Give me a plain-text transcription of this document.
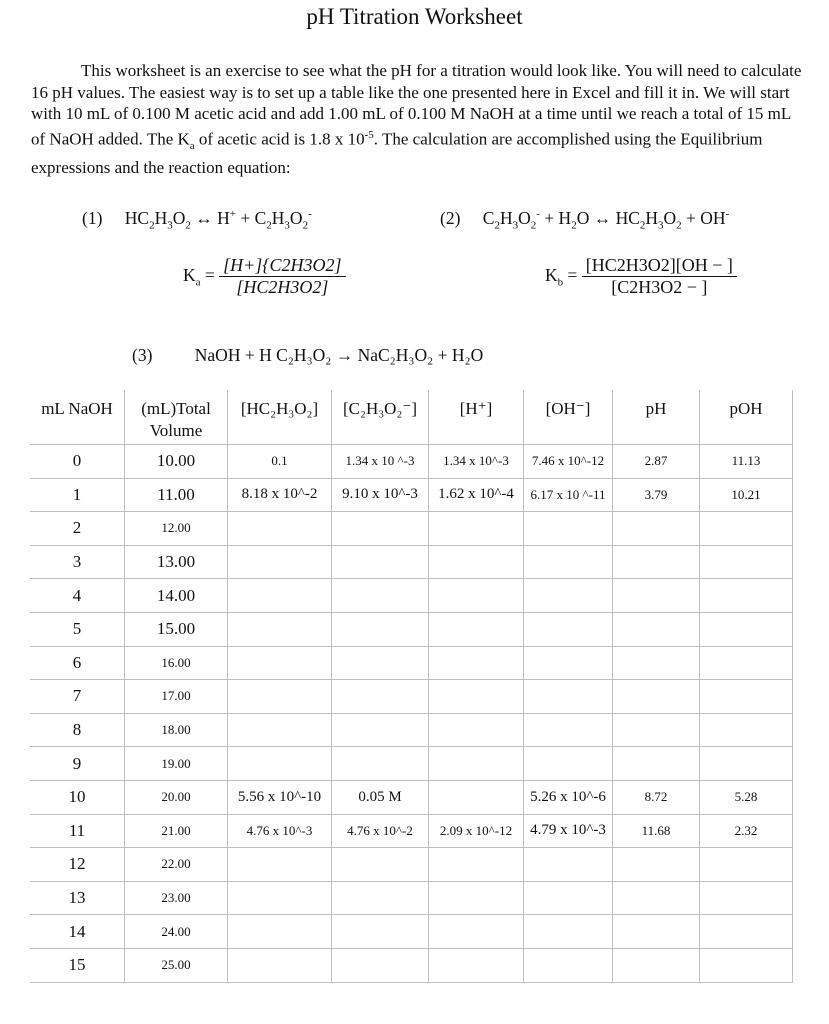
pH Titration Worksheet
This worksheet is an exercise to see what the pH for a titration would look like. You will need to calculate 16 pH values. The easiest way is to set up a table like the one presented here in Excel and fill it in. We will start with 10 mL of 0.100 M acetic acid and add 1.00 mL of 0.100 M NaOH at a time until we reach a total of 15 mL of NaOH added. The $K_a$ of acetic acid is 1.8 x $10^{-5}$. The calculation are accomplished using the Equilibrium expressions and the reaction equation:
(1) $HC_2H_3O_2$ ↔ $H^+ + C_2H_3O_2^-$	(2) $C_2H_3O_2^- + H_2O$ ↔ $HC_2H_3O_2 + OH^-$
$K_a = \frac{[H+]\{C2H3O2]}{[HC2H3O2]}$	$K_b = \frac{[HC2H3O2][OH - ]}{[C2H3O2 - ]}$
(3) NaOH + H C₂H₃O₂ → NaC₂H₃O₂ + H₂O
mL NaOH	(mL)Total Volume	[HC₂H₃O₂]	[C₂H₃O₂⁻]	[H⁺]	[OH⁻]	pH	pOH
0	10.00	0.1	1.34 x 10 ^-3	1.34 x 10^-3	7.46 x 10^-12	2.87	11.13
1	11.00	8.18 x 10^-2	9.10 x 10^-3	1.62 x 10^-4	6.17 x 10 ^-11	3.79	10.21
2	12.00						
3	13.00						
4	14.00						
5	15.00						
6	16.00						
7	17.00						
8	18.00						
9	19.00						
10	20.00	5.56 x 10^-10	0.05 M		5.26 x 10^-6	8.72	5.28
11	21.00	4.76 x 10^-3	4.76 x 10^-2	2.09 x 10^-12	4.79 x 10^-3	11.68	2.32
12	22.00						
13	23.00						
14	24.00						
15	25.00						
